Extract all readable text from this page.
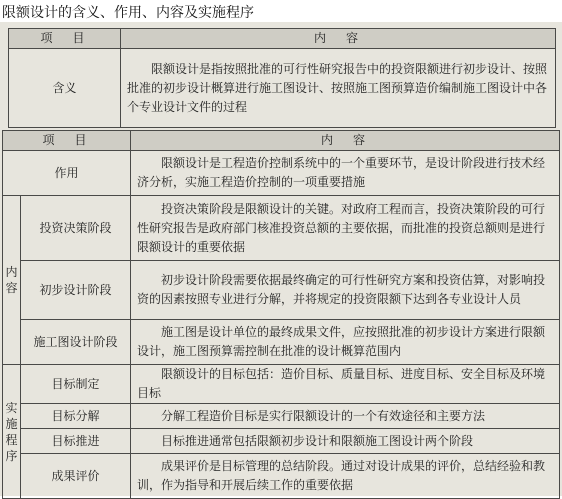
限额设计的含义、作用、内容及实施程序
项　目	内　容
含义	限额设计是指按照批准的可行性研究报告中的投资限额进行初步设计、按照批准的初步设计概算进行施工图设计、按照施工图预算造价编制施工图设计中各个专业设计文件的过程
项　目		内　容
作用		限额设计是工程造价控制系统中的一个重要环节，是设计阶段进行技术经济分析，实施工程造价控制的一项重要措施
内容	投资决策阶段	投资决策阶段是限额设计的关键。对政府工程而言，投资决策阶段的可行性研究报告是政府部门核准投资总额的主要依据，而批准的投资总额则是进行限额设计的重要依据
	初步设计阶段	初步设计阶段需要依据最终确定的可行性研究方案和投资估算，对影响投资的因素按照专业进行分解，并将规定的投资限额下达到各专业设计人员
	施工图设计阶段	施工图是设计单位的最终成果文件，应按照批准的初步设计方案进行限额设计，施工图预算需控制在批准的设计概算范围内
实施程序	目标制定	限额设计的目标包括：造价目标、质量目标、进度目标、安全目标及环境目标
	目标分解	分解工程造价目标是实行限额设计的一个有效途径和主要方法
	目标推进	目标推进通常包括限额初步设计和限额施工图设计两个阶段
	成果评价	成果评价是目标管理的总结阶段。通过对设计成果的评价，总结经验和教训，作为指导和开展后续工作的重要依据
